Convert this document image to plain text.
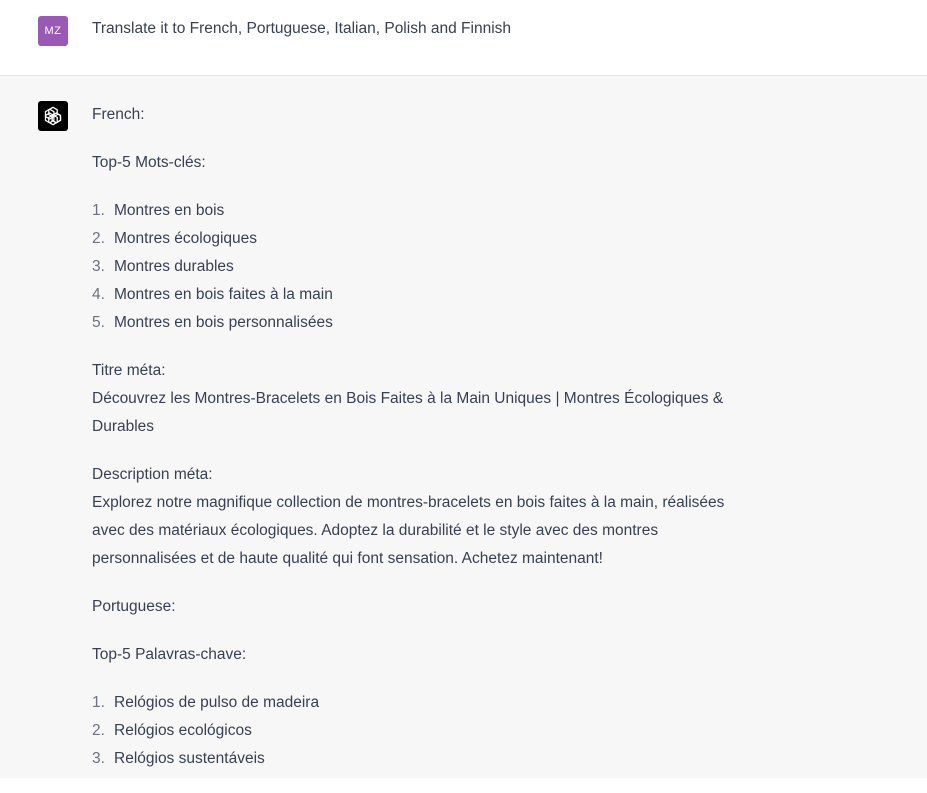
MZ	Translate it to French, Portuguese, Italian, Polish and Finnish

French:

Top-5 Mots-clés:

1. Montres en bois
2. Montres écologiques
3. Montres durables
4. Montres en bois faites à la main
5. Montres en bois personnalisées

Titre méta:
Découvrez les Montres-Bracelets en Bois Faites à la Main Uniques | Montres Écologiques & Durables

Description méta:
Explorez notre magnifique collection de montres-bracelets en bois faites à la main, réalisées avec des matériaux écologiques. Adoptez la durabilité et le style avec des montres personnalisées et de haute qualité qui font sensation. Achetez maintenant!

Portuguese:

Top-5 Palavras-chave:

1. Relógios de pulso de madeira
2. Relógios ecológicos
3. Relógios sustentáveis
